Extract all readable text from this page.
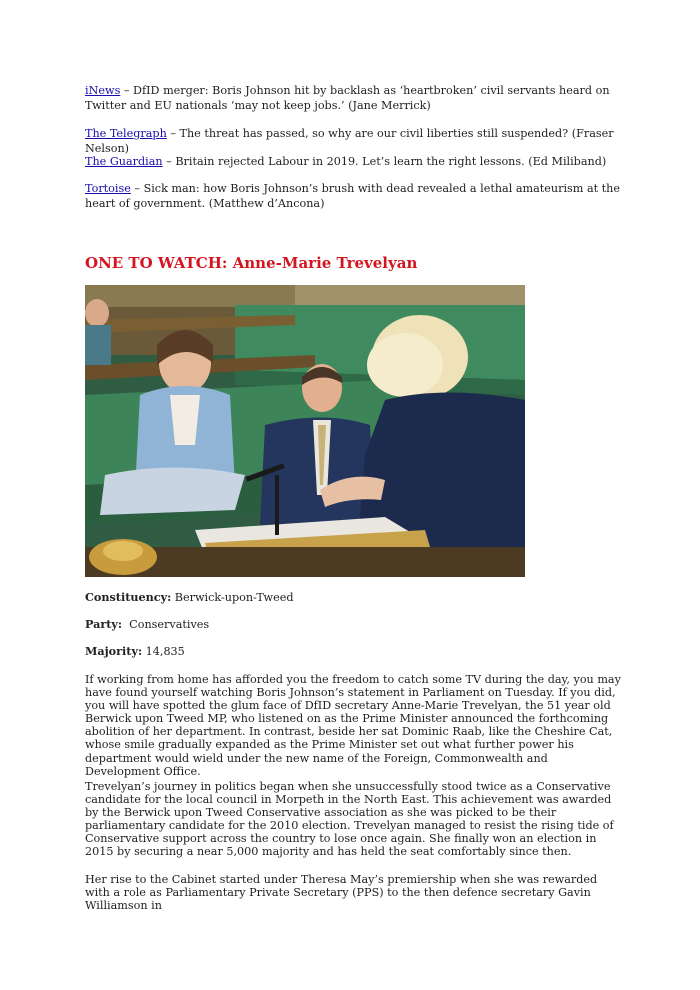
iNews – DfID merger: Boris Johnson hit by backlash as ‘heartbroken’ civil servants heard on Twitter and EU nationals ‘may not keep jobs.’ (Jane Merrick)

The Telegraph – The threat has passed, so why are our civil liberties still suspended? (Fraser Nelson)

The Guardian – Britain rejected Labour in 2019. Let’s learn the right lessons. (Ed Miliband)

Tortoise – Sick man: how Boris Johnson’s brush with dead revealed a lethal amateurism at the heart of government. (Matthew d’Ancona)

ONE TO WATCH: Anne-Marie Trevelyan

Constituency: Berwick-upon-Tweed

Party:  Conservatives

Majority: 14,835

If working from home has afforded you the freedom to catch some TV during the day, you may have found yourself watching Boris Johnson’s statement in Parliament on Tuesday. If you did, you will have spotted the glum face of DfID secretary Anne-Marie Trevelyan, the 51 year old Berwick upon Tweed MP, who listened on as the Prime Minister announced the forthcoming abolition of her department. In contrast, beside her sat Dominic Raab, like the Cheshire Cat, whose smile gradually expanded as the Prime Minister set out what further power his department would wield under the new name of the Foreign, Commonwealth and Development Office.

Trevelyan’s journey in politics began when she unsuccessfully stood twice as a Conservative candidate for the local council in Morpeth in the North East. This achievement was awarded by the Berwick upon Tweed Conservative association as she was picked to be their parliamentary candidate for the 2010 election. Trevelyan managed to resist the rising tide of Conservative support across the country to lose once again. She finally won an election in 2015 by securing a near 5,000 majority and has held the seat comfortably since then.

Her rise to the Cabinet started under Theresa May’s premiership when she was rewarded with a role as Parliamentary Private Secretary (PPS) to the then defence secretary Gavin Williamson in
